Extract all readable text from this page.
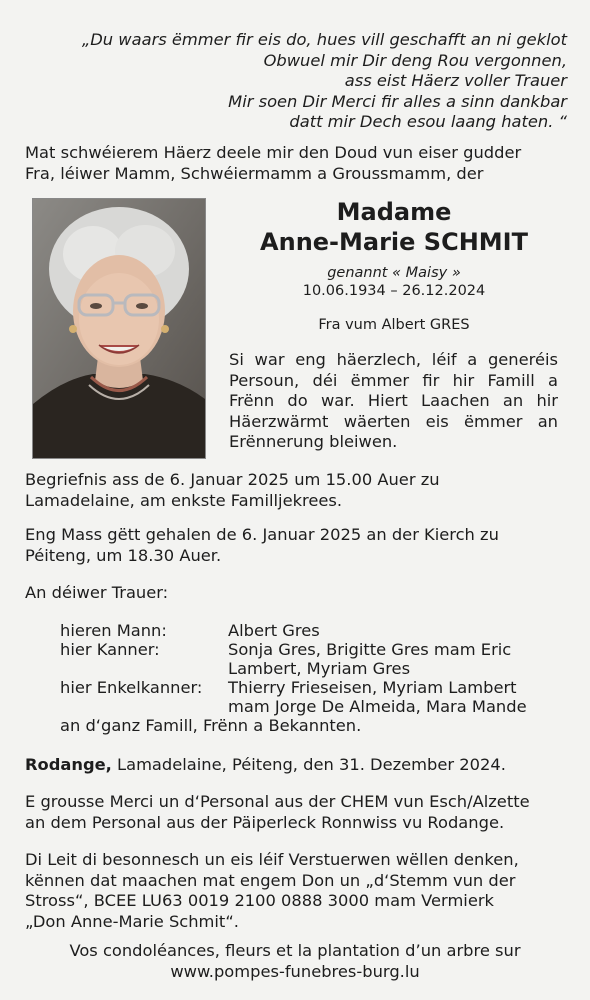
„Du waars ëmmer fir eis do, hues vill geschafft an ni geklot
Obwuel mir Dir deng Rou vergonnen,
ass eist Häerz voller Trauer
Mir soen Dir Merci fir alles a sinn dankbar
datt mir Dech esou laang haten. “
Mat schwéierem Häerz deele mir den Doud vun eiser gudder
Fra, léiwer Mamm, Schwéiermamm a Groussmamm, der
Madame
Anne-Marie SCHMIT
genannt « Maisy »
10.06.1934 – 26.12.2024
Fra vum Albert GRES
Si war eng häerzlech, léif a generéis
Persoun, déi ëmmer fir hir Famill a
Frënn do war. Hiert Laachen an hir
Häerzwärmt wäerten eis ëmmer an
Erënnerung bleiwen.
Begriefnis ass de 6. Januar 2025 um 15.00 Auer zu
Lamadelaine, am enkste Familljekrees.
Eng Mass gëtt gehalen de 6. Januar 2025 an der Kierch zu
Péiteng, um 18.30 Auer.
An déiwer Trauer:
hieren Mann:	Albert Gres
hier Kanner:	Sonja Gres, Brigitte Gres mam Eric
Lambert, Myriam Gres
hier Enkelkanner: Thierry Frieseisen, Myriam Lambert
mam Jorge De Almeida, Mara Mande
an d‘ganz Famill, Frënn a Bekannten.
Rodange, Lamadelaine, Péiteng, den 31. Dezember 2024.
E grousse Merci un d‘Personal aus der CHEM vun Esch/Alzette
an dem Personal aus der Päiperleck Ronnwiss vu Rodange.
Di Leit di besonnesch un eis léif Verstuerwen wëllen denken,
kënnen dat maachen mat engem Don un „d‘Stemm vun der
Stross“, BCEE LU63 0019 2100 0888 3000 mam Vermierk
„Don Anne-Marie Schmit“.
Vos condoléances, fleurs et la plantation d’un arbre sur
www.pompes-funebres-burg.lu
